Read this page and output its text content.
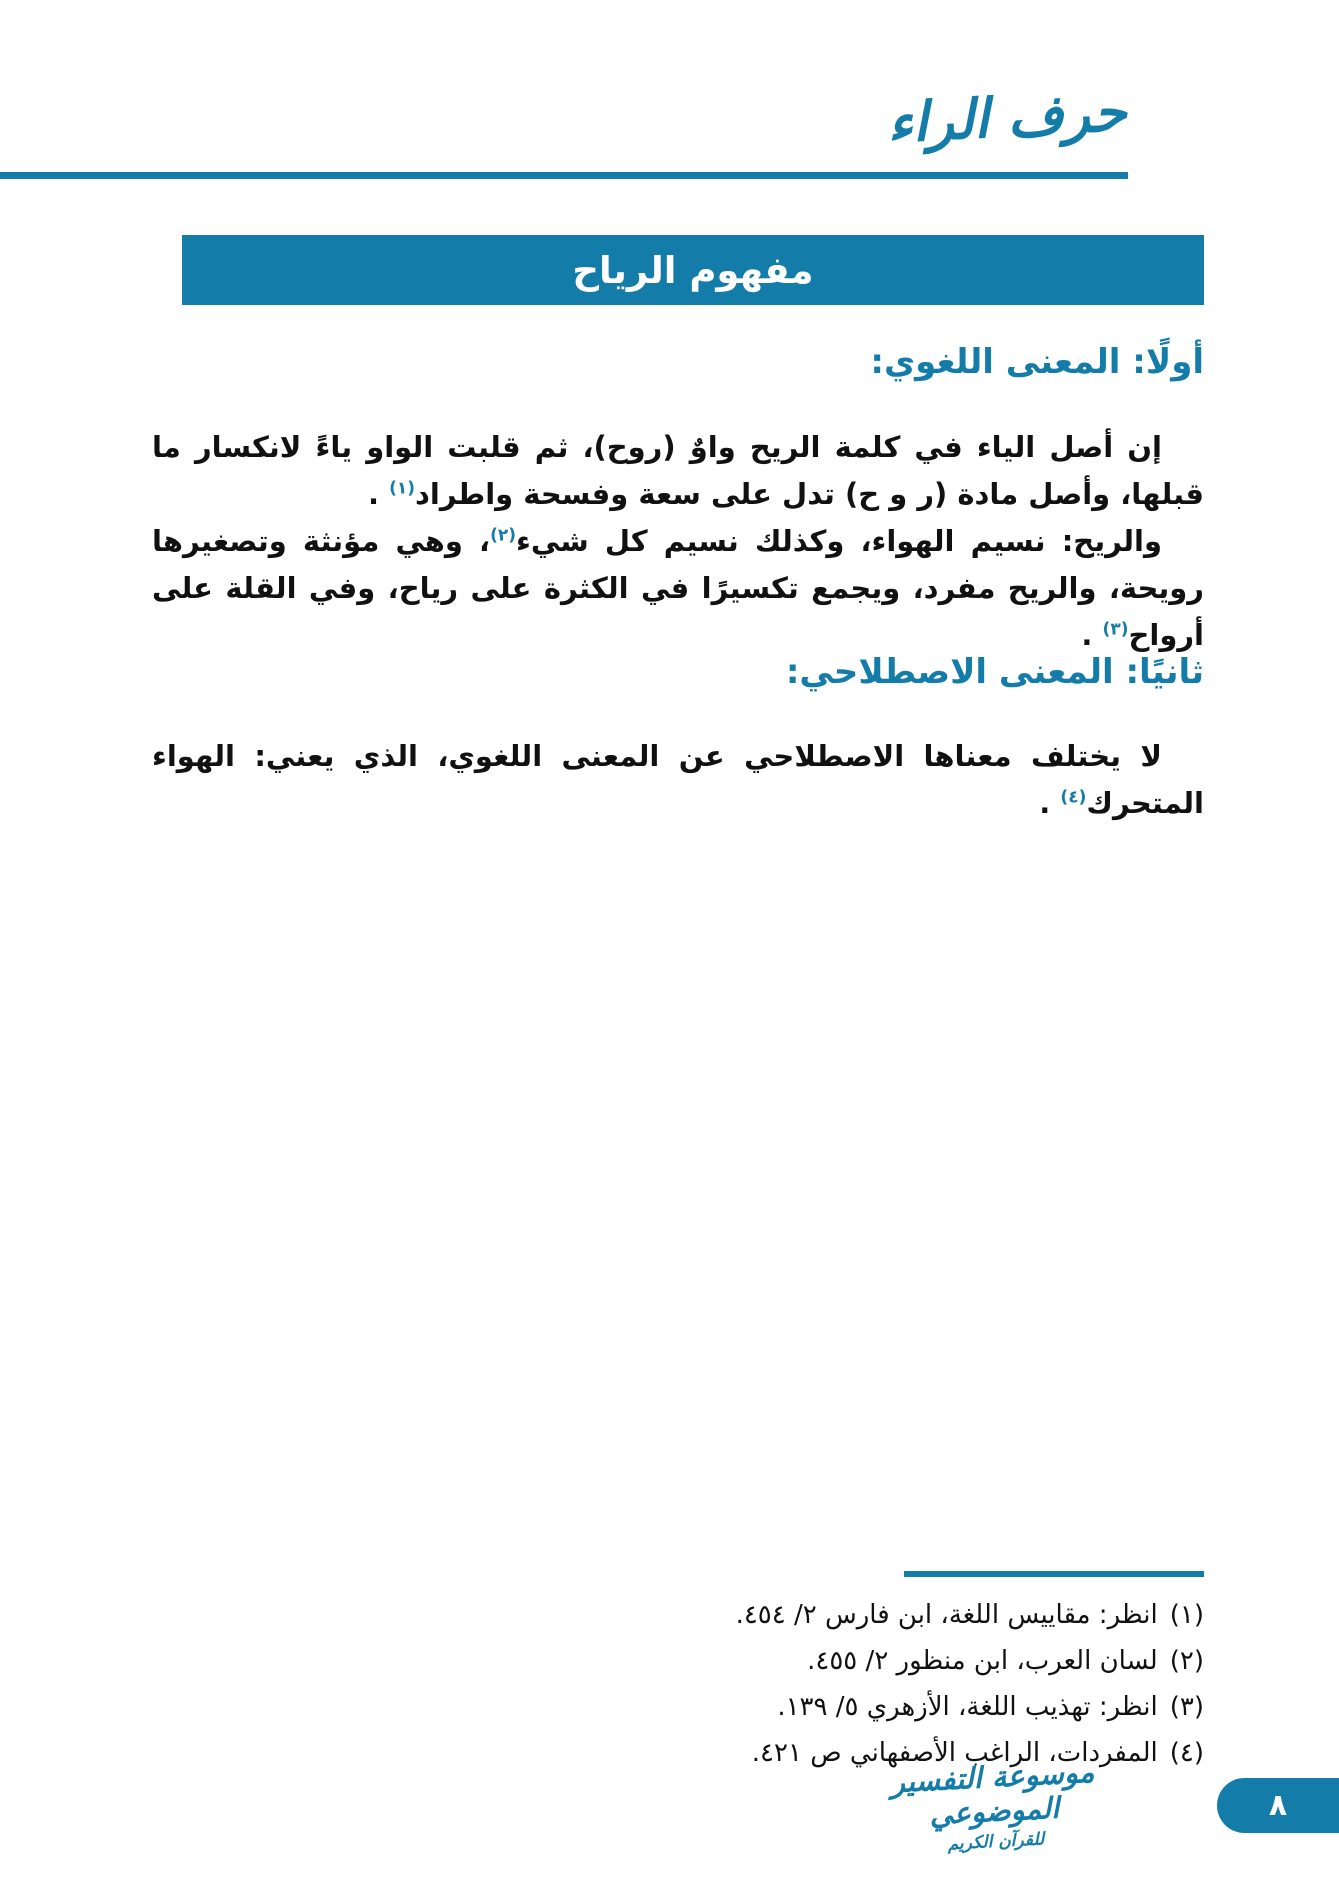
حرف الراء
مفهوم الرياح
أولًا: المعنى اللغوي:

إن أصل الياء في كلمة الريح واوٌ (روح)، ثم قلبت الواو ياءً لانكسار ما قبلها، وأصل مادة (ر و ح) تدل على سعة وفسحة واطراد$^{(١)}$ .

والريح: نسيم الهواء، وكذلك نسيم كل شيء$^{(٢)}$، وهي مؤنثة وتصغيرها رويحة، والريح مفرد، ويجمع تكسيرًا في الكثرة على رياح، وفي القلة على أرواح$^{(٣)}$ .

ثانيًا: المعنى الاصطلاحي:

لا يختلف معناها الاصطلاحي عن المعنى اللغوي، الذي يعني: الهواء المتحرك$^{(٤)}$ .

(١)انظر: مقاييس اللغة، ابن فارس ٢/ ٤٥٤.
(٢)لسان العرب، ابن منظور ٢/ ٤٥٥.
(٣)انظر: تهذيب اللغة، الأزهري ٥/ ١٣٩.
(٤)المفردات، الراغب الأصفهاني ص ٤٢١.
موسوعة التفسير الموضوعي
للقرآن الكريم
٨
